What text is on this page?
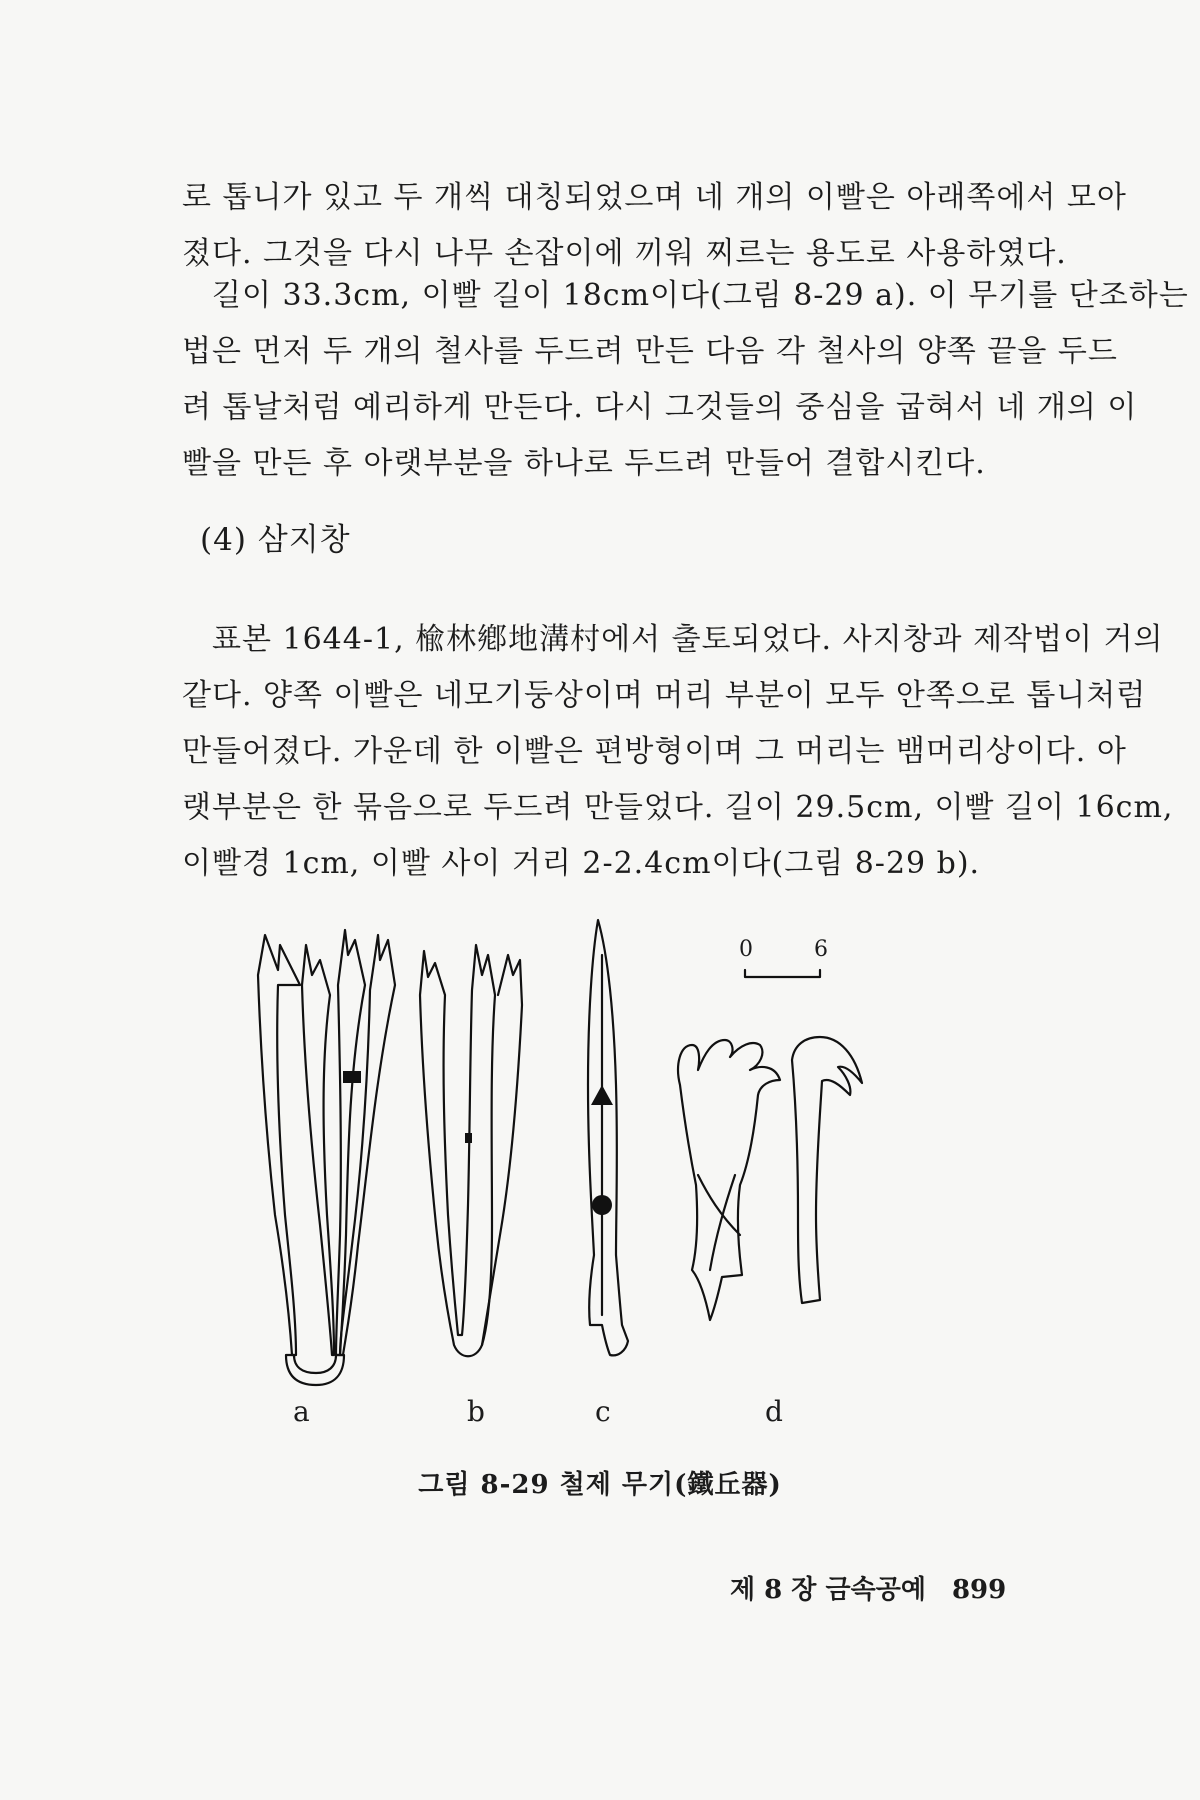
로 톱니가 있고 두 개씩 대칭되었으며 네 개의 이빨은 아래쪽에서 모아
졌다. 그것을 다시 나무 손잡이에 끼워 찌르는 용도로 사용하였다.
길이 33.3cm, 이빨 길이 18cm이다(그림 8-29 a). 이 무기를 단조하는
법은 먼저 두 개의 철사를 두드려 만든 다음 각 철사의 양쪽 끝을 두드
려 톱날처럼 예리하게 만든다. 다시 그것들의 중심을 굽혀서 네 개의 이
빨을 만든 후 아랫부분을 하나로 두드려 만들어 결합시킨다.
(4) 삼지창
표본 1644-1, 楡林鄕地溝村에서 출토되었다. 사지창과 제작법이 거의
같다. 양쪽 이빨은 네모기둥상이며 머리 부분이 모두 안쪽으로 톱니처럼
만들어졌다. 가운데 한 이빨은 편방형이며 그 머리는 뱀머리상이다. 아
랫부분은 한 묶음으로 두드려 만들었다. 길이 29.5cm, 이빨 길이 16cm,
이빨경 1cm, 이빨 사이 거리 2-2.4cm이다(그림 8-29 b).
0	6
a	b	c	d
그림 8-29 철제 무기(鐵丘器)
제 8 장 금속공예 899
